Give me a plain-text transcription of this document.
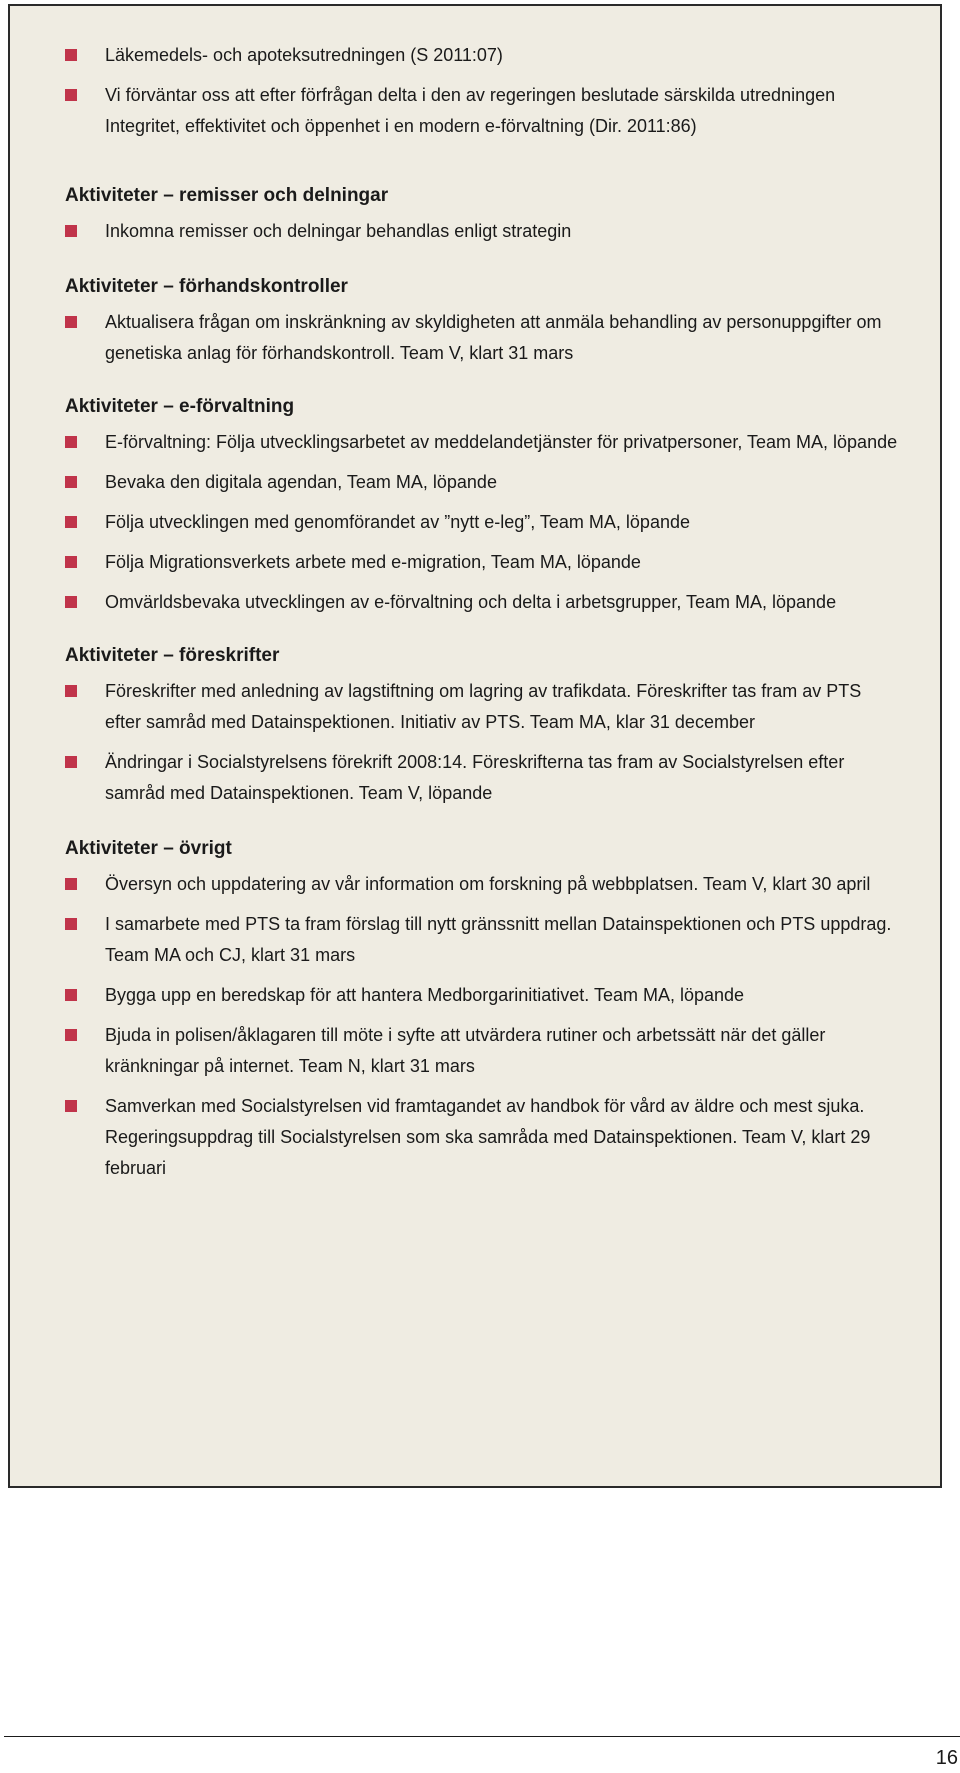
Läkemedels- och apoteksutredningen (S 2011:07)
Vi förväntar oss att efter förfrågan delta i den av regeringen beslutade särskilda utredningen Integritet, effektivitet och öppenhet i en modern e-förvaltning (Dir. 2011:86)
Aktiviteter – remisser och delningar
Inkomna remisser och delningar behandlas enligt strategin
Aktiviteter – förhandskontroller
Aktualisera frågan om inskränkning av skyldigheten att anmäla behandling av personuppgifter om genetiska anlag för förhandskontroll. Team V, klart 31 mars
Aktiviteter – e-förvaltning
E-förvaltning: Följa utvecklingsarbetet av meddelandetjänster för privatpersoner, Team MA, löpande
Bevaka den digitala agendan, Team MA, löpande
Följa utvecklingen med genomförandet av ”nytt e-leg”, Team MA, löpande
Följa Migrationsverkets arbete med e-migration, Team MA, löpande
Omvärldsbevaka utvecklingen av e-förvaltning och delta i arbetsgrupper, Team MA, löpande
Aktiviteter – föreskrifter
Föreskrifter med anledning av lagstiftning om lagring av trafikdata. Föreskrifter tas fram av PTS efter samråd med Datainspektionen. Initiativ av PTS. Team MA, klar 31 december
Ändringar i Socialstyrelsens förekrift 2008:14. Föreskrifterna tas fram av Socialstyrelsen efter samråd med Datainspektionen. Team V, löpande
Aktiviteter – övrigt
Översyn och uppdatering av vår information om forskning på webbplatsen. Team V, klart 30 april
I samarbete med PTS ta fram förslag till nytt gränssnitt mellan Datainspektionen och PTS uppdrag. Team MA och CJ, klart 31 mars
Bygga upp en beredskap för att hantera Medborgarinitiativet. Team MA, löpande
Bjuda in polisen/åklagaren till möte i syfte att utvärdera rutiner och arbetssätt när det gäller kränkningar på internet. Team N, klart 31 mars
Samverkan med Socialstyrelsen vid framtagandet av handbok för vård av äldre och mest sjuka. Regeringsuppdrag till Socialstyrelsen som ska samråda med Datainspektionen. Team V, klart 29 februari
16
